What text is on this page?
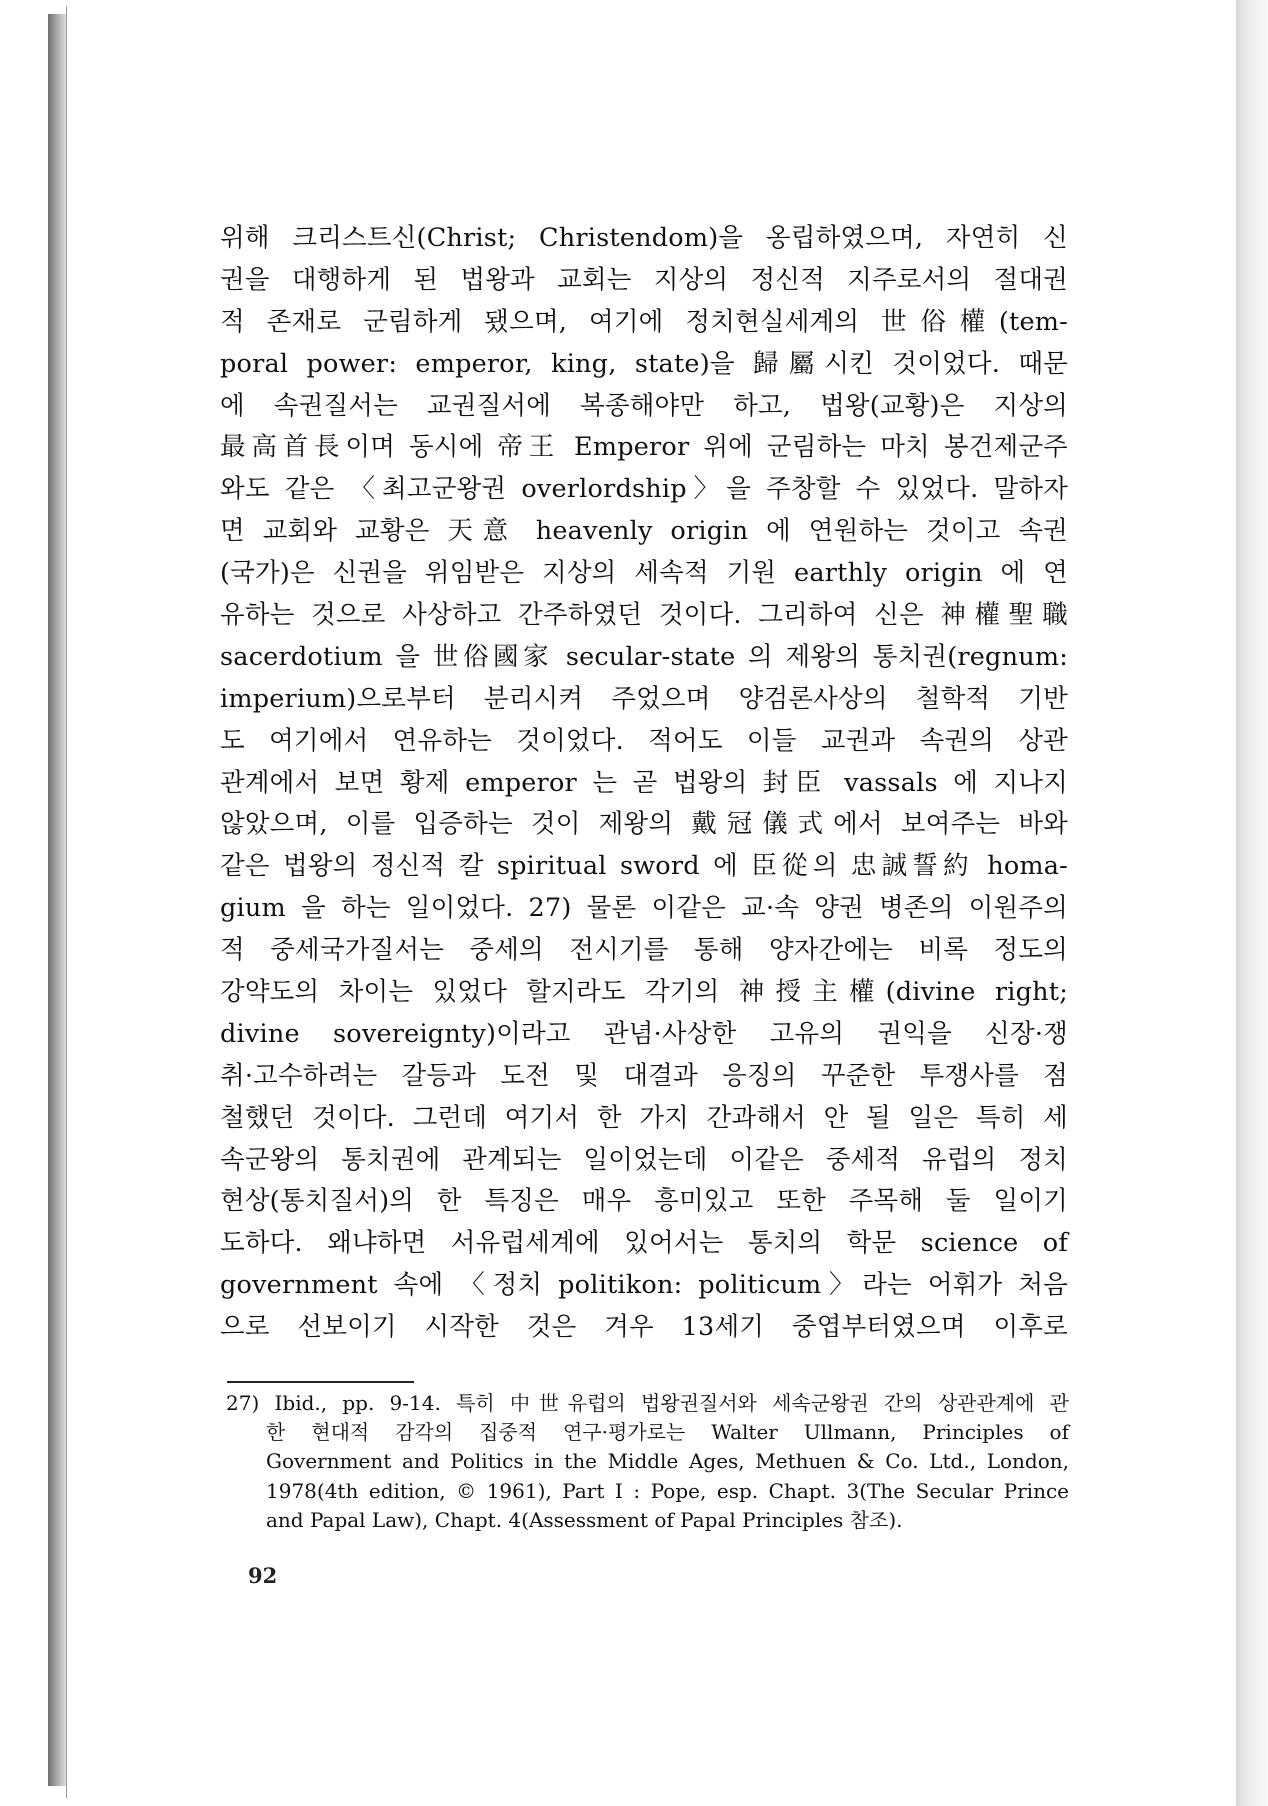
위해 크리스트신(Christ; Christendom)을 옹립하였으며, 자연히 신
권을 대행하게 된 법왕과 교회는 지상의 정신적 지주로서의 절대권
적 존재로 군림하게 됐으며, 여기에 정치현실세계의 世俗權(tem-
poral power: emperor, king, state)을 歸屬시킨 것이었다. 때문
에 속권질서는 교권질서에 복종해야만 하고, 법왕(교황)은 지상의
最高首長이며 동시에 帝王 Emperor 위에 군림하는 마치 봉건제군주
와도 같은 〈최고군왕권 overlordship〉을 주창할 수 있었다. 말하자
면 교회와 교황은 天意 heavenly origin 에 연원하는 것이고 속권
(국가)은 신권을 위임받은 지상의 세속적 기원 earthly origin 에 연
유하는 것으로 사상하고 간주하였던 것이다. 그리하여 신은 神權聖職
sacerdotium 을 世俗國家 secular-state 의 제왕의 통치권(regnum:
imperium)으로부터 분리시켜 주었으며 양검론사상의 철학적 기반
도 여기에서 연유하는 것이었다. 적어도 이들 교권과 속권의 상관
관계에서 보면 황제 emperor 는 곧 법왕의 封臣 vassals 에 지나지
않았으며, 이를 입증하는 것이 제왕의 戴冠儀式에서 보여주는 바와
같은 법왕의 정신적 칼 spiritual sword 에 臣從의 忠誠誓約 homa-
gium 을 하는 일이었다. 27) 물론 이같은 교·속 양권 병존의 이원주의
적 중세국가질서는 중세의 전시기를 통해 양자간에는 비록 정도의
강약도의 차이는 있었다 할지라도 각기의 神授主權(divine right;
divine sovereignty)이라고 관념·사상한 고유의 권익을 신장·쟁
취·고수하려는 갈등과 도전 및 대결과 응징의 꾸준한 투쟁사를 점
철했던 것이다. 그런데 여기서 한 가지 간과해서 안 될 일은 특히 세
속군왕의 통치권에 관계되는 일이었는데 이같은 중세적 유럽의 정치
현상(통치질서)의 한 특징은 매우 흥미있고 또한 주목해 둘 일이기
도하다. 왜냐하면 서유럽세계에 있어서는 통치의 학문 science of
government 속에 〈정치 politikon: politicum〉라는 어휘가 처음
으로 선보이기 시작한 것은 겨우 13세기 중엽부터였으며 이후로
27) Ibid., pp. 9-14. 특히 中世유럽의 법왕권질서와 세속군왕권 간의 상관관계에 관
한 현대적 감각의 집중적 연구·평가로는 Walter Ullmann, Principles of
Government and Politics in the Middle Ages, Methuen & Co. Ltd., London,
1978(4th edition, © 1961), Part I : Pope, esp. Chapt. 3(The Secular Prince
and Papal Law), Chapt. 4(Assessment of Papal Principles 참조).
92
